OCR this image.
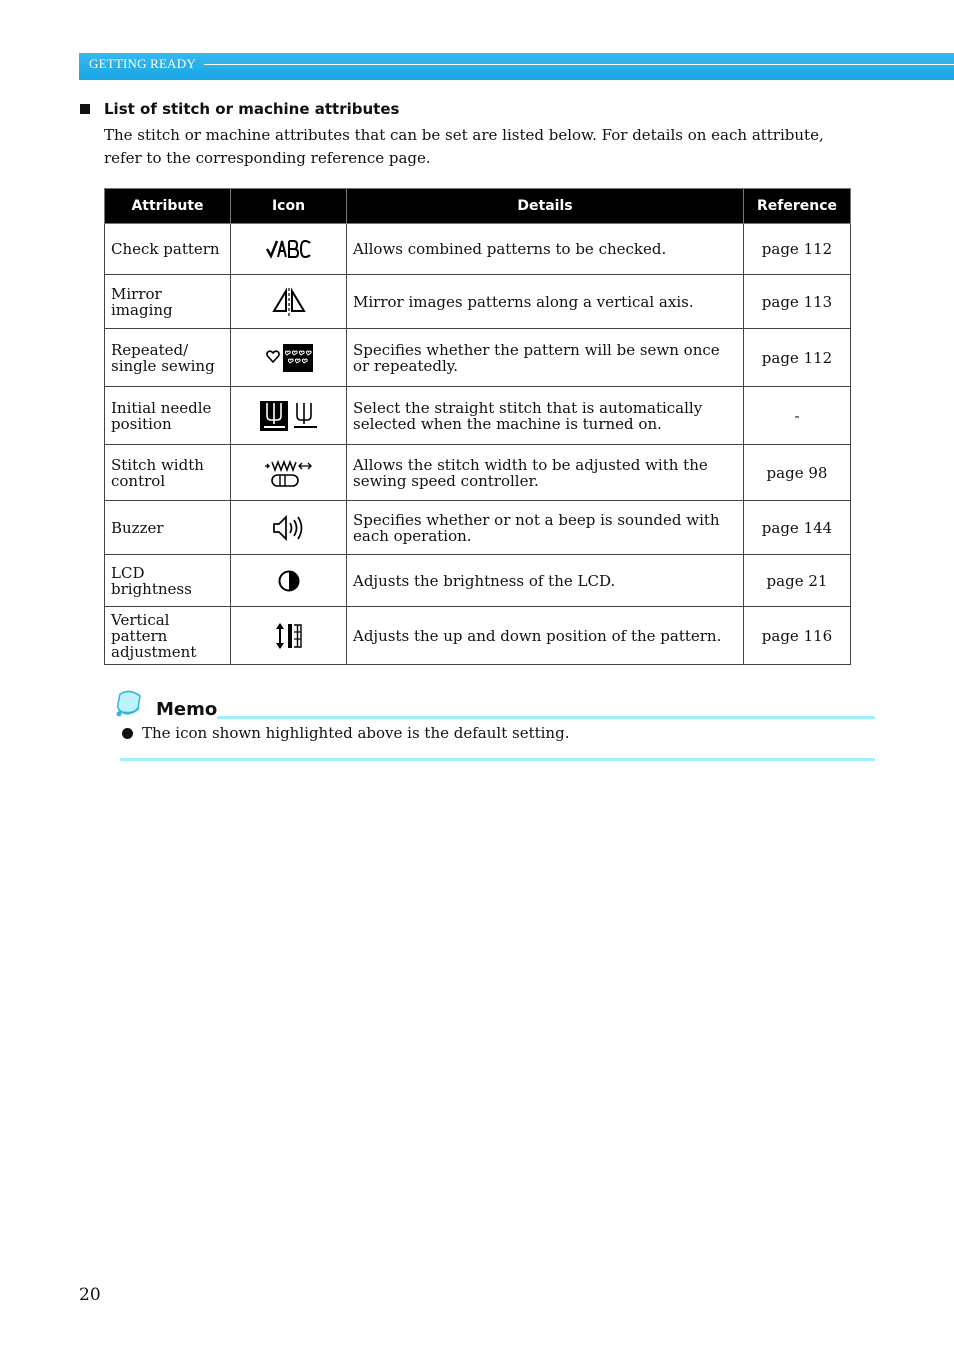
GETTING READY
List of stitch or machine attributes
The stitch or machine attributes that can be set are listed below. For details on each attribute, refer to the corresponding reference page.
Attribute	Icon	Details	Reference
Check pattern		Allows combined patterns to be checked.	page 112
Mirror imaging		Mirror images patterns along a vertical axis.	page 113
Repeated/ single sewing		Specifies whether the pattern will be sewn once or repeatedly.	page 112
Initial needle position		Select the straight stitch that is automatically selected when the machine is turned on.	-
Stitch width control		Allows the stitch width to be adjusted with the sewing speed controller.	page 98
Buzzer		Specifies whether or not a beep is sounded with each operation.	page 144
LCD brightness		Adjusts the brightness of the LCD.	page 21
Vertical pattern adjustment		Adjusts the up and down position of the pattern.	page 116
Memo
The icon shown highlighted above is the default setting.
20
